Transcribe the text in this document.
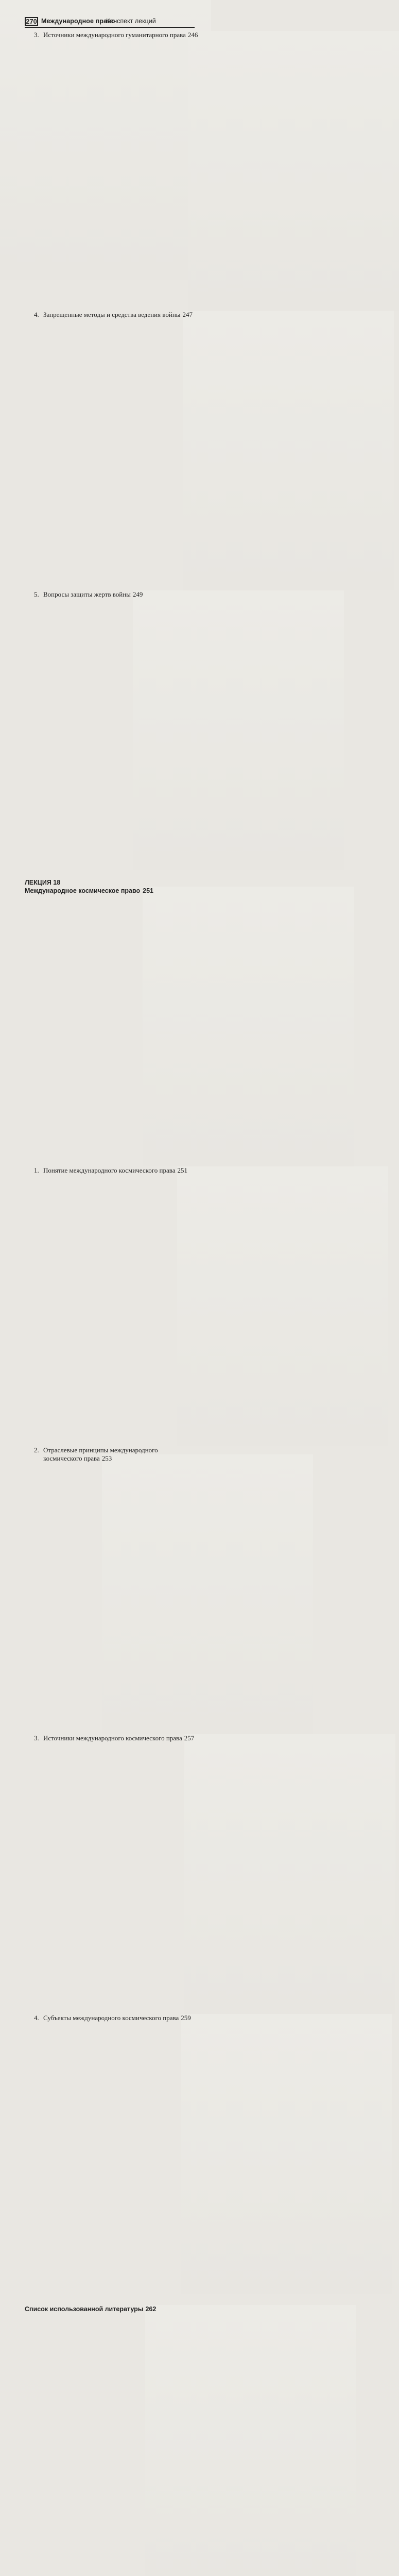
270 Международное право
Конспект лекций
3. Источники международного гуманитарного права 246
4. Запрещенные методы и средства ведения войны 247
5. Вопросы защиты жертв войны 249
ЛЕКЦИЯ 18
Международное космическое право 251
1. Понятие международного космического права 251
2. Отраслевые принципы международного
космического права 253
3. Источники международного космического права 257
4. Субъекты международного космического права 259
Список использованной литературы 262
